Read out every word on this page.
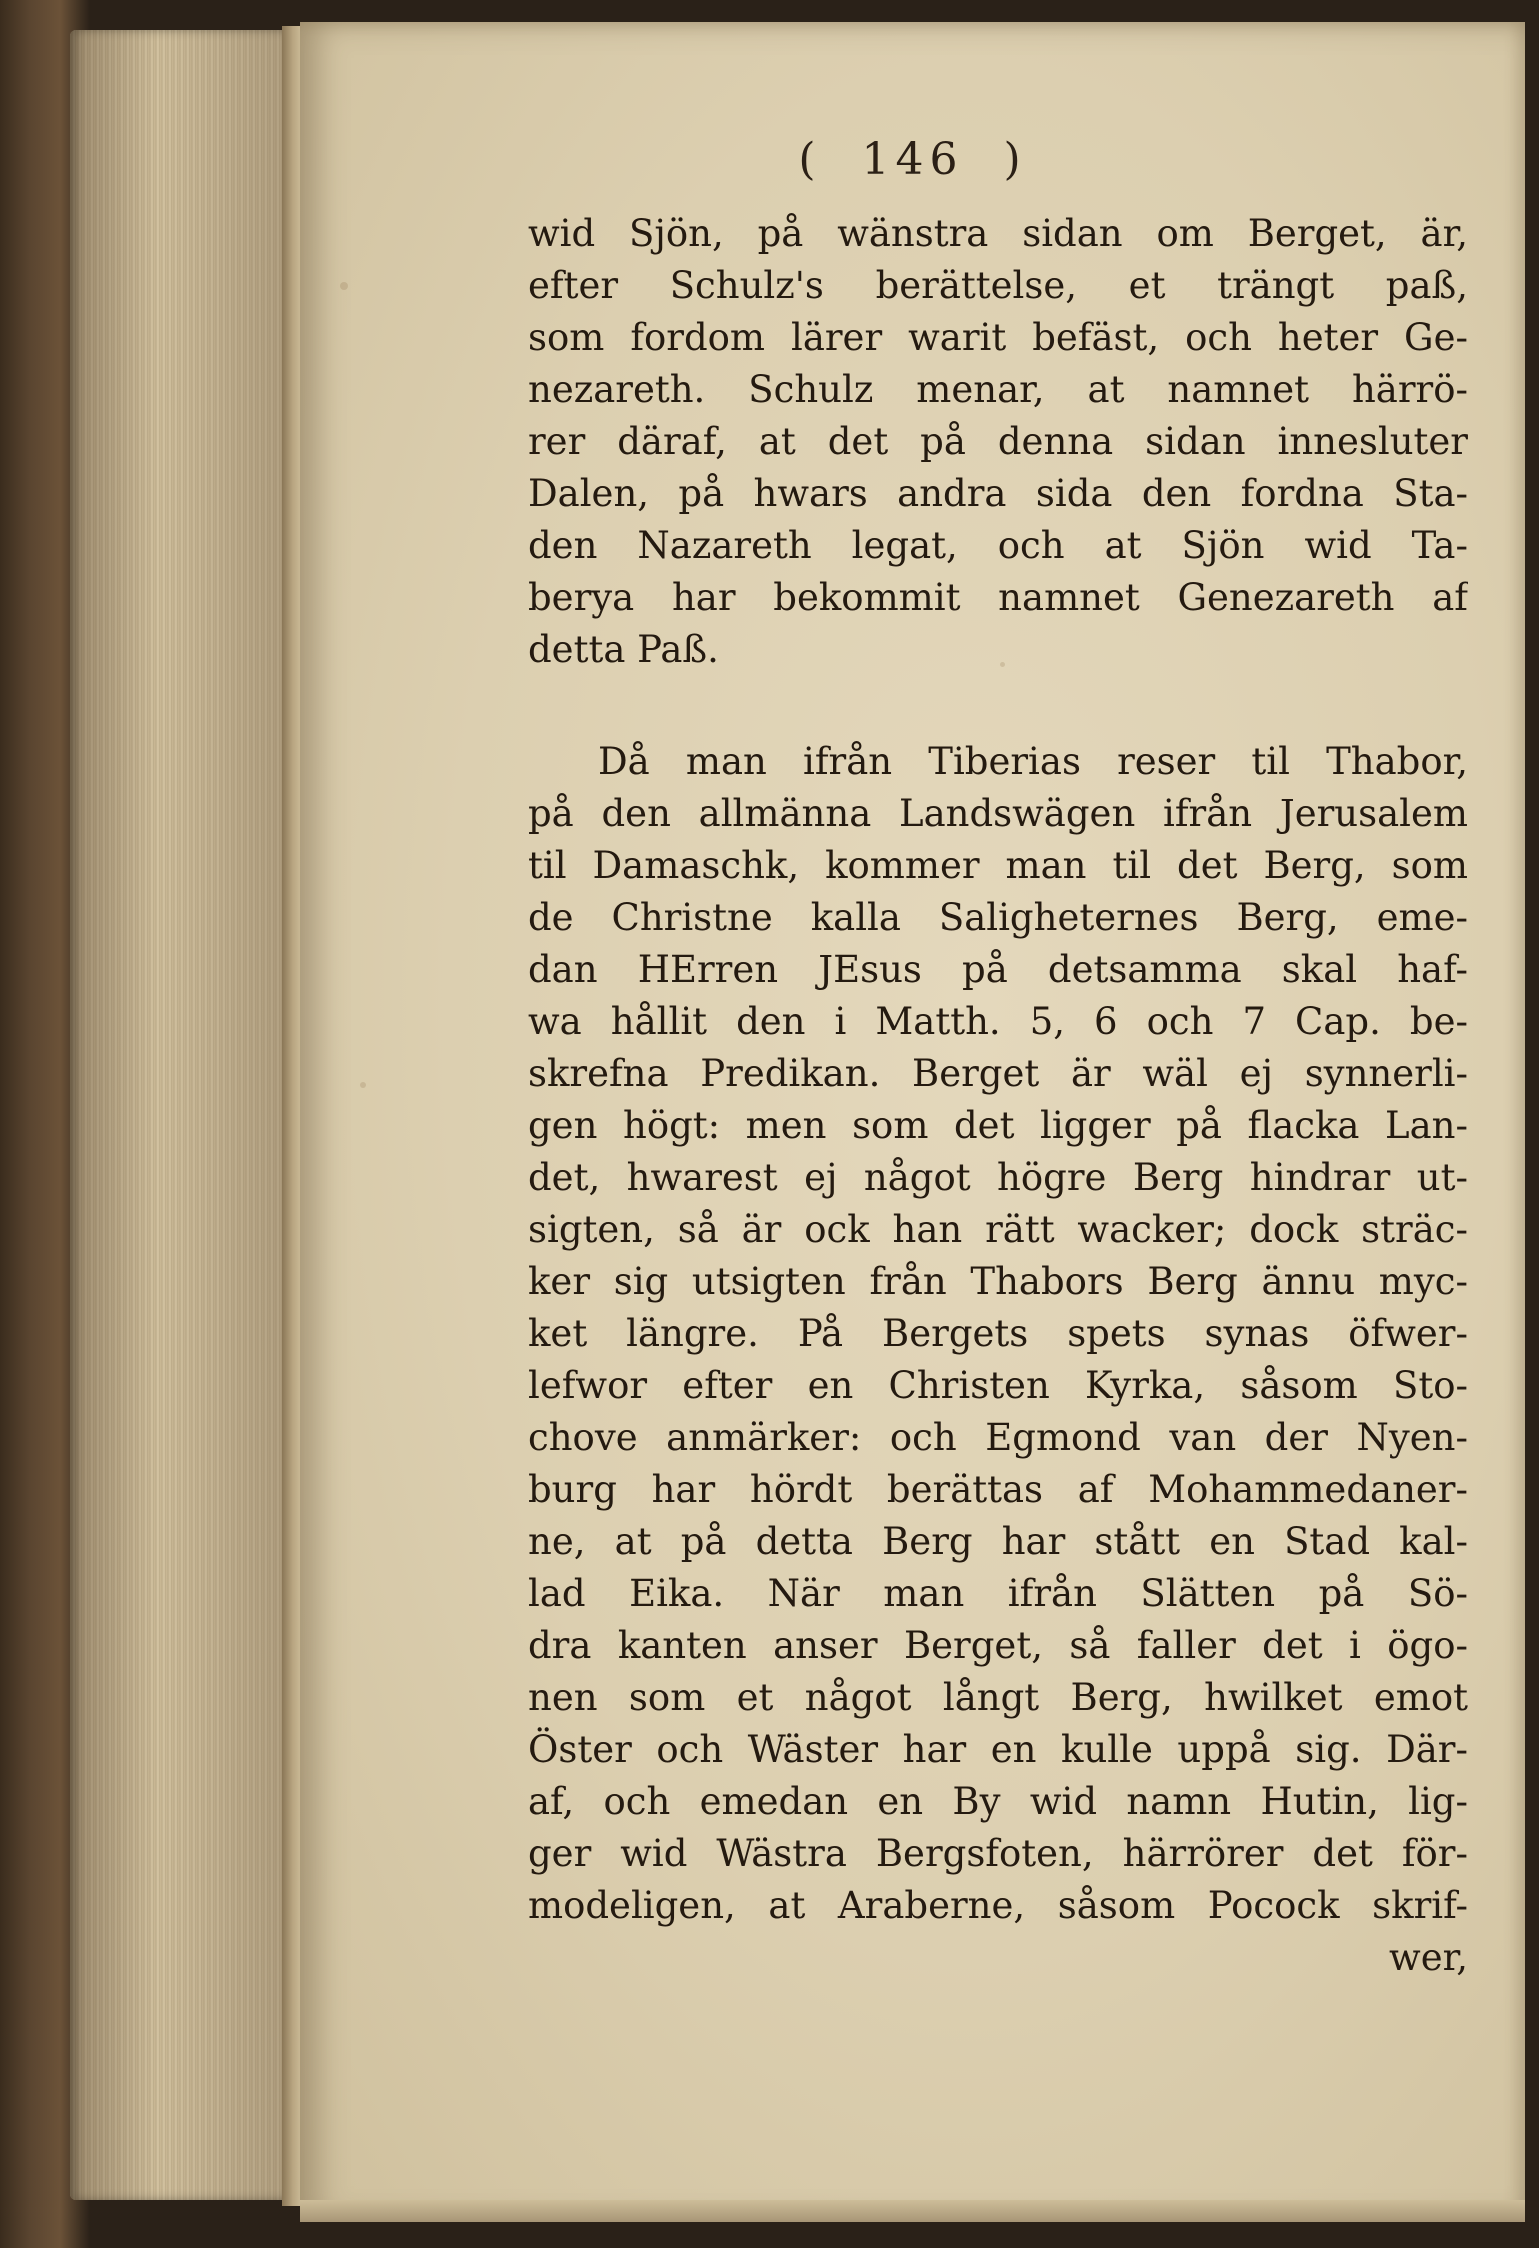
( 146 )
wid Sjön, på wänstra sidan om Berget, är,
efter Schulz's berättelse, et trängt paß,
som fordom lärer warit befäst, och heter Ge-
nezareth. Schulz menar, at namnet härrö-
rer däraf, at det på denna sidan innesluter
Dalen, på hwars andra sida den fordna Sta-
den Nazareth legat, och at Sjön wid Ta-
berya har bekommit namnet Genezareth af
detta Paß.
Då man ifrån Tiberias reser til Thabor,
på den allmänna Landswägen ifrån Jerusalem
til Damaschk, kommer man til det Berg, som
de Christne kalla Saligheternes Berg, eme-
dan HErren JEsus på detsamma skal haf-
wa hållit den i Matth. 5, 6 och 7 Cap. be-
skrefna Predikan. Berget är wäl ej synnerli-
gen högt: men som det ligger på flacka Lan-
det, hwarest ej något högre Berg hindrar ut-
sigten, så är ock han rätt wacker; dock sträc-
ker sig utsigten från Thabors Berg ännu myc-
ket längre. På Bergets spets synas öfwer-
lefwor efter en Christen Kyrka, såsom Sto-
chove anmärker: och Egmond van der Nyen-
burg har hördt berättas af Mohammedaner-
ne, at på detta Berg har stått en Stad kal-
lad Eika. När man ifrån Slätten på Sö-
dra kanten anser Berget, så faller det i ögo-
nen som et något långt Berg, hwilket emot
Öster och Wäster har en kulle uppå sig. Där-
af, och emedan en By wid namn Hutin, lig-
ger wid Wästra Bergsfoten, härrörer det för-
modeligen, at Araberne, såsom Pocock skrif-
wer,
